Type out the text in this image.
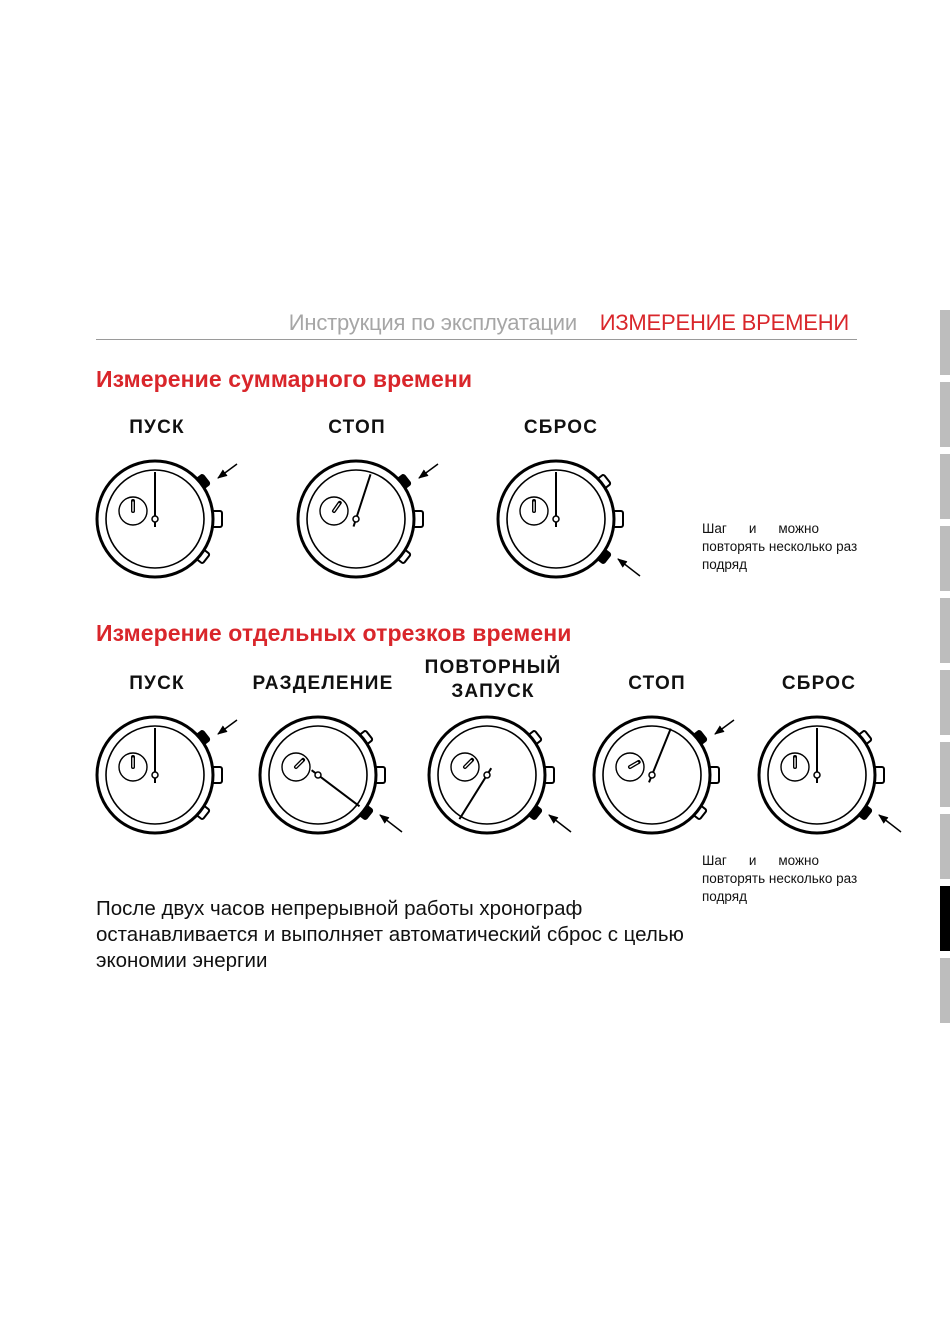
Инструкция по эксплуатации ИЗМЕРЕНИЕ ВРЕМЕНИ
Измерение суммарного времени
ПУСК	СТОП	СБРОС
Шаг и можно
повторять несколько раз
подряд
Измерение отдельных отрезков времени
ПУСК	РАЗДЕЛЕНИЕ
ПОВТОРНЫЙ
ЗАПУСК	СТОП	СБРОС
Шаг и можно
повторять несколько раз
подряд
После двух часов непрерывной работы хронограф останавливается и выполняет автоматический сброс с целью экономии энергии
